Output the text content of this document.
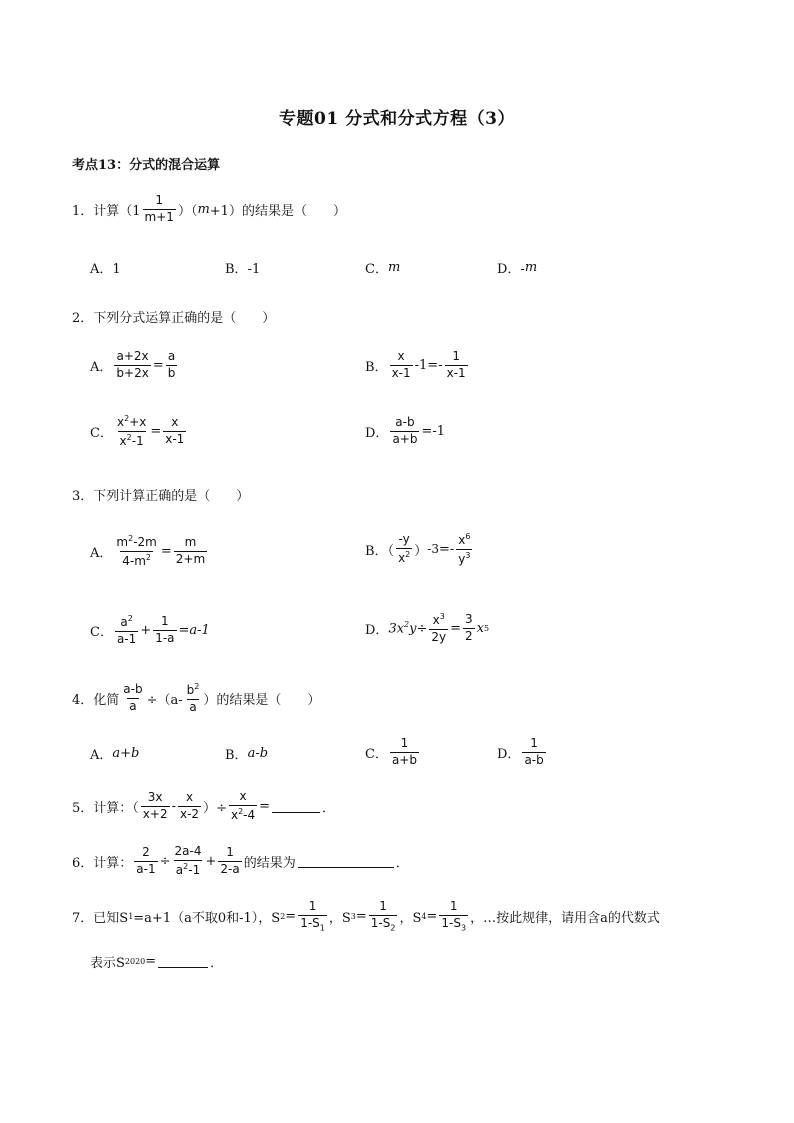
专题01 分式和分式方程（3）
考点13：分式的混合运算
1．计算（$1 \frac{1}{m+1}$ ）（ m +1）的结果是（　　）
A．1	B．-1	C． m	D．- m
2．下列分式运算正确的是（　　）
A． $\frac{a+2x}{b+2x} = \frac{a}{b}$	B． $\frac{x}{x-1} -1=- \frac{1}{x-1}$
C． $\frac{x^2+x}{x^2-1} = \frac{x}{x-1}$	D． $\frac{a-b}{a+b} =-1$
3．下列计算正确的是（　　）
A． $\frac{m^2-2m}{4-m^2} = \frac{m}{2+m}$	B．（ $\frac{-y}{x^2}$ ） $-3 =- \frac{x^6}{y^3}$
C． $\frac{a^2}{a-1} + \frac{1}{1-a} =a-1$	D． $3x^2y\div \frac{x^3}{2y} = \frac{3}{2}$ x 5
4．化简 $\frac{a-b}{a} \div(a- \frac{b^2}{a}$ ）的结果是（　　）
A． a+b	B． a-b	C． $\frac{1}{a+b}$	D． $\frac{1}{a-b}$
5．计算：（ $\frac{3x}{x+2} - \frac{x}{x-2}$ ）÷ $\frac{x}{x^2-4}$ =	．
6．计算： $\frac{2}{a-1} \div \frac{2a-4}{a^2-1} + \frac{1}{2-a}$ 的结果为	．
7．已知S 1 =a+1（a不取0和-1），S $2 = \frac{1}{1-S_1}$ ，S $3 = \frac{1}{1-S_2}$ ，S $4 = \frac{1}{1-S_3}$ ，…按此规律，请用含a的代数式
表示S 2020 =	．
